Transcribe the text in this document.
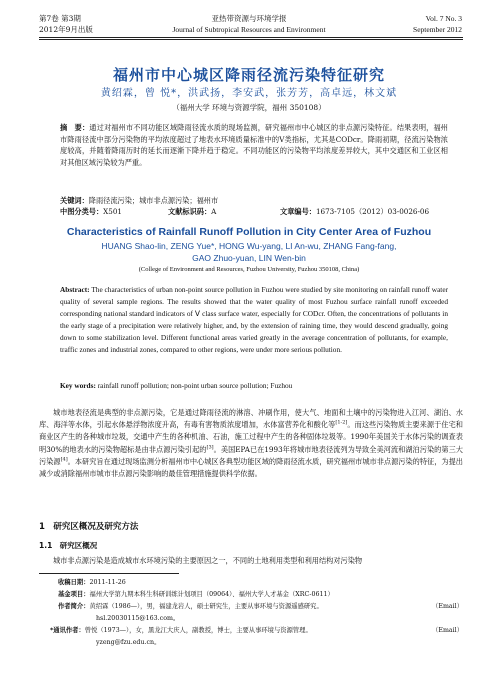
第7卷 第3期
2012年9月出版
亚热带资源与环境学报
Journal of Subtropical Resources and Environment
Vol. 7 No. 3
September 2012
福州市中心城区降雨径流污染特征研究
黄绍霖，曾 悦*，洪武扬，李安武，张芳芳，高卓远，林文斌
（福州大学 环境与资源学院，福州 350108）
摘　要：通过对福州市不同功能区域降雨径流水质的现场监测，研究福州市中心城区的非点源污染特征。结果表明，福州市降雨径流中部分污染物的平均浓度超过了地表水环境质量标准中的Ⅴ类指标，尤其是CODcr。降雨初期，径流污染物浓度较高，并随着降雨历时的延长而逐渐下降并趋于稳定。不同功能区的污染物平均浓度差异较大，其中交通区和工业区相对其他区域污染较为严重。
关键词：降雨径流污染；城市非点源污染；福州市
中图分类号：X501	文献标识码：A	文章编号：1673-7105（2012）03-0026-06
Characteristics of Rainfall Runoff Pollution in City Center Area of Fuzhou
HUANG Shao-lin, ZENG Yue*, HONG Wu-yang, LI An-wu, ZHANG Fang-fang,
GAO Zhuo-yuan, LIN Wen-bin
(College of Environment and Resources, Fuzhou University, Fuzhou 350108, China)
Abstract: The characteristics of urban non-point source pollution in Fuzhou were studied by site monitoring on rainfall runoff water quality of several sample regions. The results showed that the water quality of most Fuzhou surface rainfall runoff exceeded corresponding national standard indicators of Ⅴ class surface water, especially for CODcr. Often, the concentrations of pollutants in the early stage of a precipitation were relatively higher, and, by the extension of raining time, they would descend gradually, going down to some stabilization level. Different functional areas varied greatly in the average concentration of pollutants, for example, traffic zones and industrial zones, compared to other regions, were under more serious pollution.
Key words: rainfall runoff pollution; non-point urban source pollution; Fuzhou
城市地表径流是典型的非点源污染，它是通过降雨径流的淋溶、冲刷作用，使大气、地面和土壤中的污染物进入江河、湖泊、水库、海洋等水体，引起水体悬浮物浓度升高，有毒有害物质浓度增加，水体富营养化和酸化等[1-2]。而这些污染物质主要来源于住宅和商业区产生的各种城市垃圾，交通中产生的各种机油、石油，施工过程中产生的各种固体垃圾等。1990年美国关于水体污染的调查表明30%的地表水的污染物超标是由非点源污染引起的[3]。美国EPA已在1993年将城市地表径流列为导致全美河流和湖泊污染的第三大污染源[4]。本研究旨在通过现场监测分析福州市中心城区各典型功能区域的降雨径流水质，研究福州市城市非点源污染的特征，为提出减少或消除福州市城市非点源污染影响的最佳管理措施提供科学依据。
1　研究区概况及研究方法
1.1　研究区概况
城市非点源污染是造成城市水环境污染的主要原因之一，不同的土地利用类型和利用结构对污染物
收稿日期：2011-11-26
基金项目：福州大学第九期本科生科研训练计划项目（09064）、福州大学人才基金（XRC-0611）
作者简介：黄绍霖（1986—），男，福建龙岩人，硕士研究生，主要从事环境与资源遥感研究。	（Email）
hsl.20030115@163.com。
*通讯作者：曾悦（1973—），女，黑龙江大庆人，副教授，博士，主要从事环境与资源管理。	（Email）
yzeng@fzu.edu.cn。
